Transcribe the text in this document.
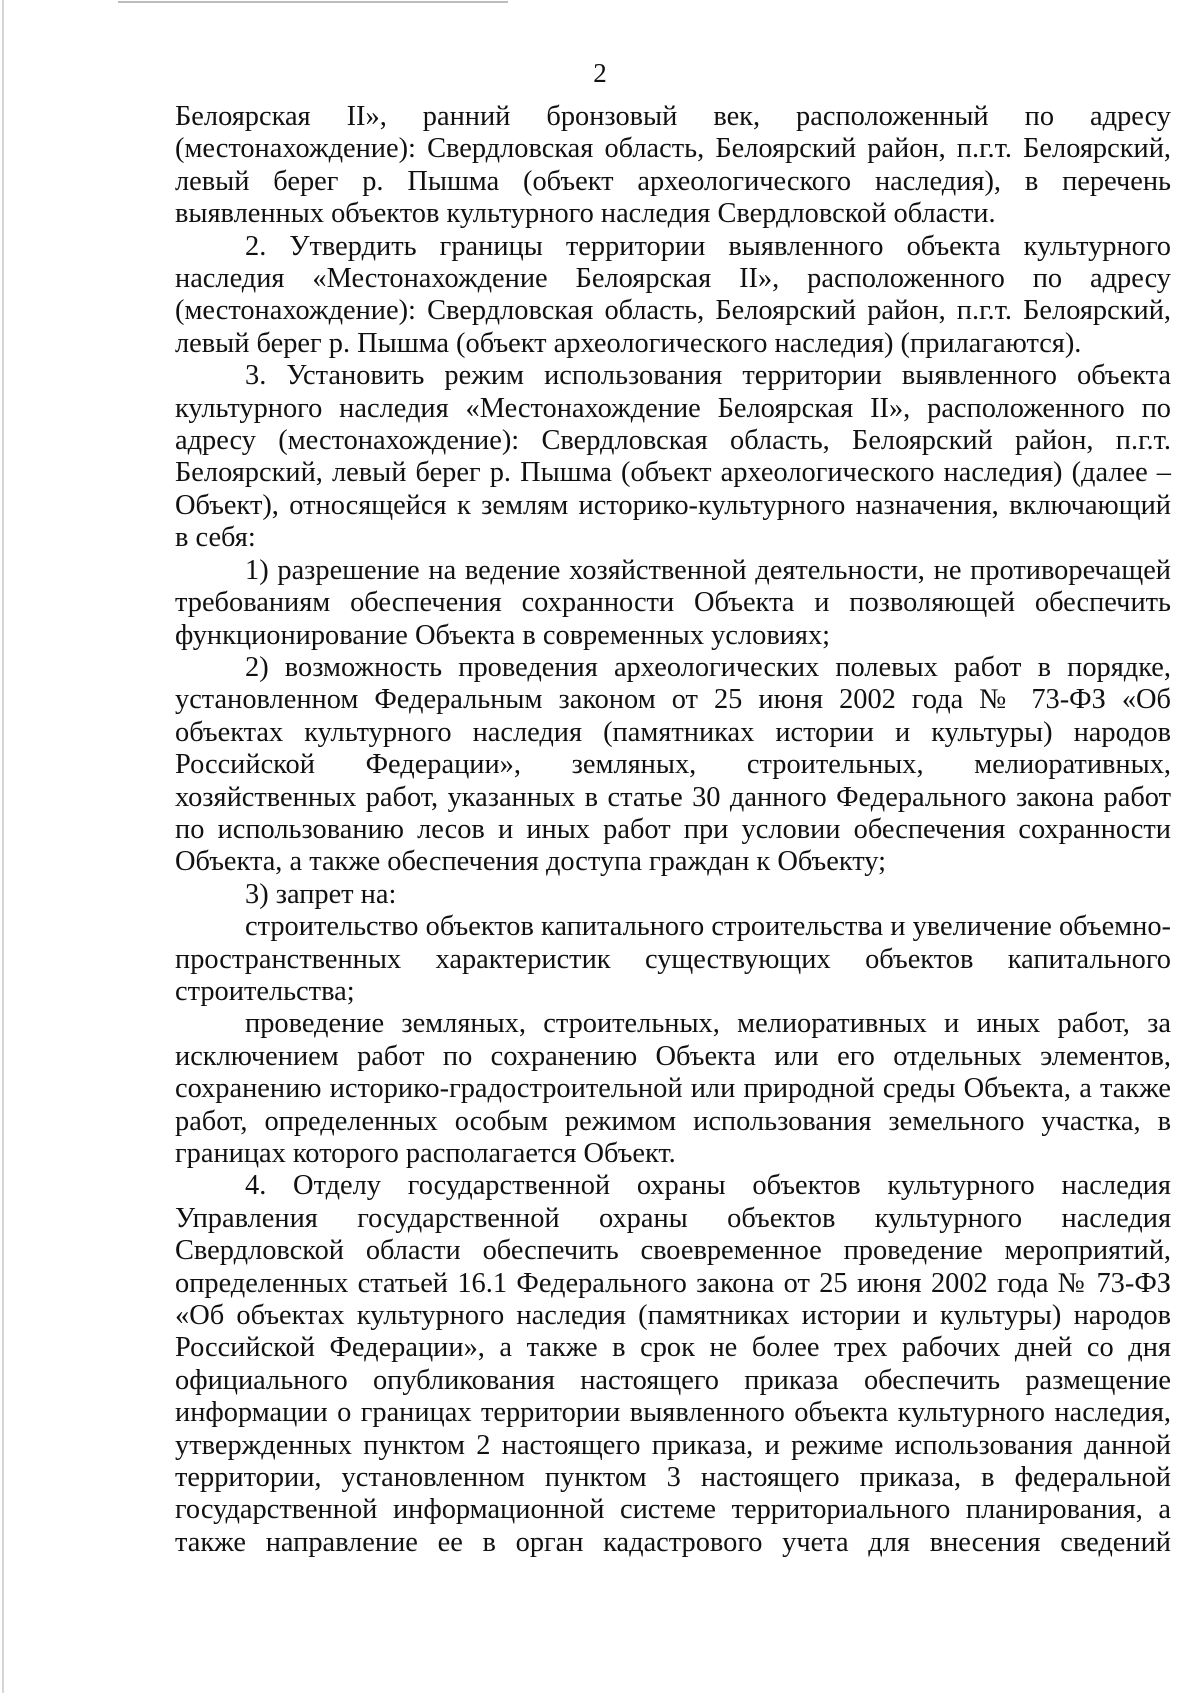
2

Белоярская II», ранний бронзовый век, расположенный по адресу (местонахождение): Свердловская область, Белоярский район, п.г.т. Белоярский, левый берег р. Пышма (объект археологического наследия), в перечень выявленных объектов культурного наследия Свердловской области.

2. Утвердить границы территории выявленного объекта культурного наследия «Местонахождение Белоярская II», расположенного по адресу (местонахождение): Свердловская область, Белоярский район, п.г.т. Белоярский, левый берег р. Пышма (объект археологического наследия) (прилагаются).

3. Установить режим использования территории выявленного объекта культурного наследия «Местонахождение Белоярская II», расположенного по адресу (местонахождение): Свердловская область, Белоярский район, п.г.т. Белоярский, левый берег р. Пышма (объект археологического наследия) (далее – Объект), относящейся к землям историко-культурного назначения, включающий в себя:

1) разрешение на ведение хозяйственной деятельности, не противоречащей требованиям обеспечения сохранности Объекта и позволяющей обеспечить функционирование Объекта в современных условиях;

2) возможность проведения археологических полевых работ в порядке, установленном Федеральным законом от 25 июня 2002 года № 73-ФЗ «Об объектах культурного наследия (памятниках истории и культуры) народов Российской Федерации», земляных, строительных, мелиоративных, хозяйственных работ, указанных в статье 30 данного Федерального закона работ по использованию лесов и иных работ при условии обеспечения сохранности Объекта, а также обеспечения доступа граждан к Объекту;

3) запрет на:

строительство объектов капитального строительства и увеличение объемно-пространственных характеристик существующих объектов капитального строительства;

проведение земляных, строительных, мелиоративных и иных работ, за исключением работ по сохранению Объекта или его отдельных элементов, сохранению историко-градостроительной или природной среды Объекта, а также работ, определенных особым режимом использования земельного участка, в границах которого располагается Объект.

4. Отделу государственной охраны объектов культурного наследия Управления государственной охраны объектов культурного наследия Свердловской области обеспечить своевременное проведение мероприятий, определенных статьей 16.1 Федерального закона от 25 июня 2002 года № 73-ФЗ «Об объектах культурного наследия (памятниках истории и культуры) народов Российской Федерации», а также в срок не более трех рабочих дней со дня официального опубликования настоящего приказа обеспечить размещение информации о границах территории выявленного объекта культурного наследия, утвержденных пунктом 2 настоящего приказа, и режиме использования данной территории, установленном пунктом 3 настоящего приказа, в федеральной государственной информационной системе территориального планирования, а также направление ее в орган кадастрового учета для внесения сведений
